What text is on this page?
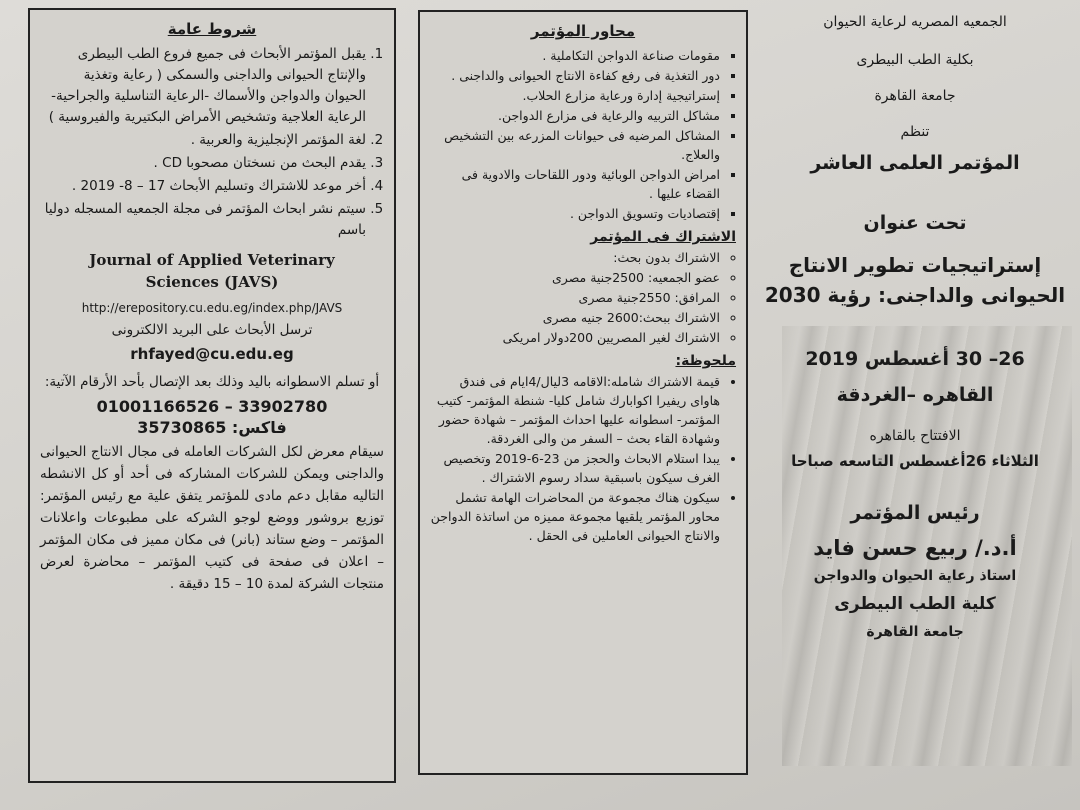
شروط عامة
1. يقبل المؤتمر الأبحاث فى جميع فروع الطب البيطرى والإنتاج الحيوانى والداجنى والسمكى ( رعاية وتغذية الحيوان والدواجن والأسماك -الرعاية التناسلية والجراحية- الرعاية العلاجية وتشخيص الأمراض البكتيرية والفيروسية )
2. لغة المؤتمر الإنجليزية والعربية .
3. يقدم البحث من نسختان مصحوبا CD .
4. أخر موعد للاشتراك وتسليم الأبحاث 17 – 8- 2019 .
5. سيتم نشر ابحاث المؤتمر فى مجلة الجمعيه المسجله دوليا باسم
Journal of Applied Veterinary
Sciences (JAVS)
http://erepository.cu.edu.eg/index.php/JAVS
ترسل الأبحاث على البريد الالكترونى
rhfayed@cu.edu.eg
أو تسلم الاسطوانه باليد وذلك بعد الإتصال بأحد الأرقام الآتية:
01001166526 – 33902780
فاكس: 35730865
سيقام معرض لكل الشركات العامله فى مجال الانتاج الحيوانى والداجنى ويمكن للشركات المشاركه فى أحد أو كل الانشطه التاليه مقابل دعم مادى للمؤتمر يتفق علية مع رئيس المؤتمر: توزيع بروشور ووضع لوجو الشركه على مطبوعات واعلانات المؤتمر – وضع ستاند (بانر) فى مكان مميز فى مكان المؤتمر – اعلان فى صفحة فى كتيب المؤتمر – محاضرة لعرض منتجات الشركة لمدة 10 – 15 دقيقة .
محاور المؤتمر
▪ مقومات صناعة الدواجن التكاملية .
▪ دور التغذية فى رفع كفاءة الانتاج الحيوانى والداجنى .
▪ إستراتيجية إدارة ورعاية مزارع الحلاب.
▪ مشاكل التربيه والرعاية فى مزارع الدواجن.
▪ المشاكل المرضيه فى حيوانات المزرعه بين التشخيص والعلاج.
▪ امراض الدواجن الوبائية ودور اللقاحات والادوية فى القضاء عليها .
▪ إقتصاديات وتسويق الدواجن .
الاشتراك فى المؤتمر
◦ الاشتراك بدون بحث:
◦ عضو الجمعيه: 2500جنية مصرى
◦ المرافق: 2550جنية مصرى
◦ الاشتراك ببحث:2600 جنيه مصرى
◦ الاشتراك لغير المصريين 200دولار امريكى
ملحوظة:
• قيمة الاشتراك شامله:الاقامه 3ليال/4ايام فى فندق هاواى ريفيرا اكوابارك شامل كليا- شنطة المؤتمر- كتيب المؤتمر- اسطوانه عليها احداث المؤتمر – شهادة حضور وشهادة القاء بحث – السفر من والى الغردقة.
• يبدا استلام الابحاث والحجز من 23-6-2019 وتخصيص الغرف سيكون باسبقية سداد رسوم الاشتراك .
• سيكون هناك مجموعة من المحاضرات الهامة تشمل محاور المؤتمر يلقيها مجموعة مميزه من اساتذة الدواجن والانتاج الحيوانى العاملين فى الحقل .

الجمعيه المصريه لرعاية الحيوان

بكلية الطب البيطرى

جامعة القاهرة

تنظم

المؤتمر العلمى العاشر

تحت عنوان

إستراتيجيات تطوير الانتاج

الحيوانى والداجنى: رؤية 2030

26– 30 أغسطس 2019

القاهره –الغردقة

الافتتاح بالقاهره

الثلاثاء 26أغسطس التاسعه صباحا

رئيس المؤتمر

أ.د./ ربيع حسن فايد

استاذ رعاية الحيوان والدواجن

كلية الطب البيطرى

جامعة القاهرة
